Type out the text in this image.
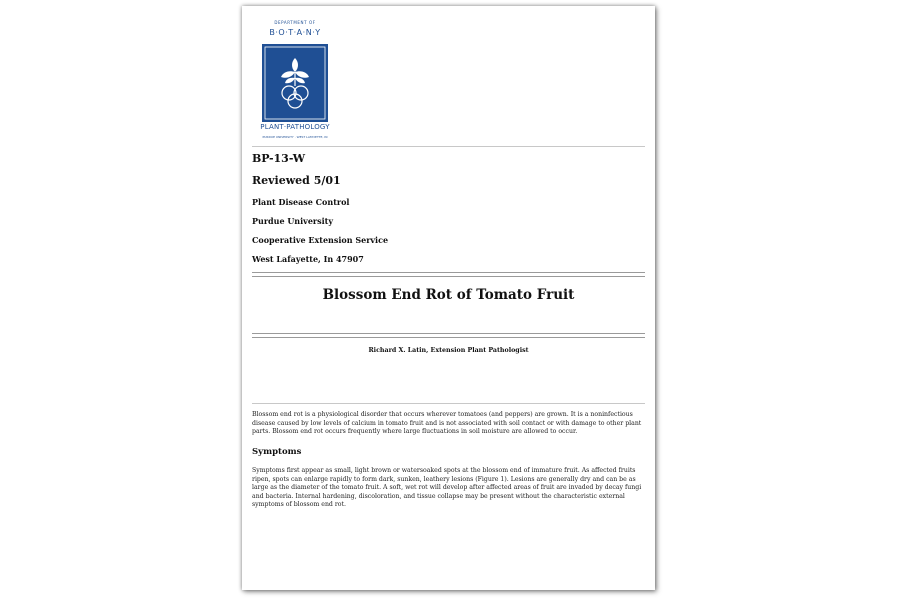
DEPARTMENT OF
B·O·T·A·N·Y
PLANT·PATHOLOGY
PURDUE UNIVERSITY · WEST LAFAYETTE, IN
BP-13-W
Reviewed 5/01
Plant Disease Control
Purdue University
Cooperative Extension Service
West Lafayette, In 47907
Blossom End Rot of Tomato Fruit
Richard X. Latin, Extension Plant Pathologist
Blossom end rot is a physiological disorder that occurs wherever tomatoes (and peppers) are grown. It is a noninfectious disease caused by low levels of calcium in tomato fruit and is not associated with soil contact or with damage to other plant parts. Blossom end rot occurs frequently where large fluctuations in soil moisture are allowed to occur.
Symptoms
Symptoms first appear as small, light brown or watersoaked spots at the blossom end of immature fruit. As affected fruits ripen, spots can enlarge rapidly to form dark, sunken, leathery lesions (Figure 1). Lesions are generally dry and can be as large as the diameter of the tomato fruit. A soft, wet rot will develop after affected areas of fruit are invaded by decay fungi and bacteria. Internal hardening, discoloration, and tissue collapse may be present without the characteristic external symptoms of blossom end rot.
